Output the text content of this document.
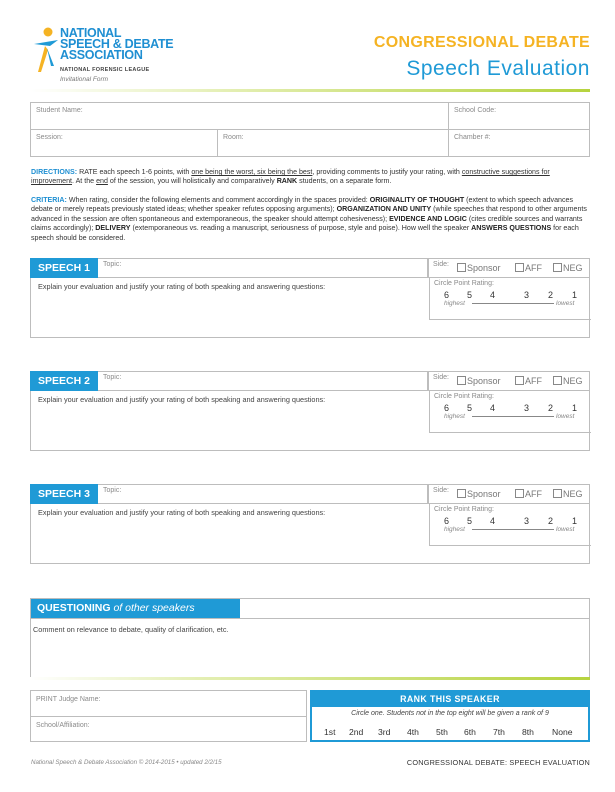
NATIONAL
SPEECH & DEBATE
ASSOCIATION
NATIONAL FORENSIC LEAGUE
Invitational Form
CONGRESSIONAL DEBATE
Speech Evaluation
Student Name:	School Code:
Session:	Room:	Chamber #:
DIRECTIONS: RATE each speech 1-6 points, with one being the worst, six being the best, providing comments to justify your rating, with constructive suggestions for improvement. At the end of the session, you will holistically and comparatively RANK students, on a separate form.
CRITERIA: When rating, consider the following elements and comment accordingly in the spaces provided: ORIGINALITY OF THOUGHT (extent to which speech advances debate or merely repeats previously stated ideas; whether speaker refutes opposing arguments); ORGANIZATION AND UNITY (while speeches that respond to other arguments advanced in the session are often spontaneous and extemporaneous, the speaker should attempt cohesiveness); EVIDENCE AND LOGIC (cites credible sources and warrants claims accordingly); DELIVERY (extemporaneous vs. reading a manuscript, seriousness of purpose, style and poise). How well the speaker ANSWERS QUESTIONS for each speech should be considered.
SPEECH 1	Topic:	Side:	Sponsor	AFF	NEG
Explain your evaluation and justify your rating of both speaking and answering questions:	Circle Point Rating:
6 5 4	3 2 1
highest	lowest
SPEECH 2	Topic:	Side:	Sponsor	AFF	NEG
Explain your evaluation and justify your rating of both speaking and answering questions:	Circle Point Rating:
6 5 4	3 2 1
highest	lowest
SPEECH 3	Topic:	Side:	Sponsor	AFF	NEG
Explain your evaluation and justify your rating of both speaking and answering questions:	Circle Point Rating:
6 5 4	3 2 1
highest	lowest
QUESTIONING of other speakers
Comment on relevance to debate, quality of clarification, etc.
PRINT Judge Name:
School/Affiliation:
RANK THIS SPEAKER
Circle one. Students not in the top eight will be given a rank of 9
1st 2nd 3rd 4th 5th 6th 7th 8th None
National Speech & Debate Association © 2014-2015 • updated 2/2/15	CONGRESSIONAL DEBATE: SPEECH EVALUATION
